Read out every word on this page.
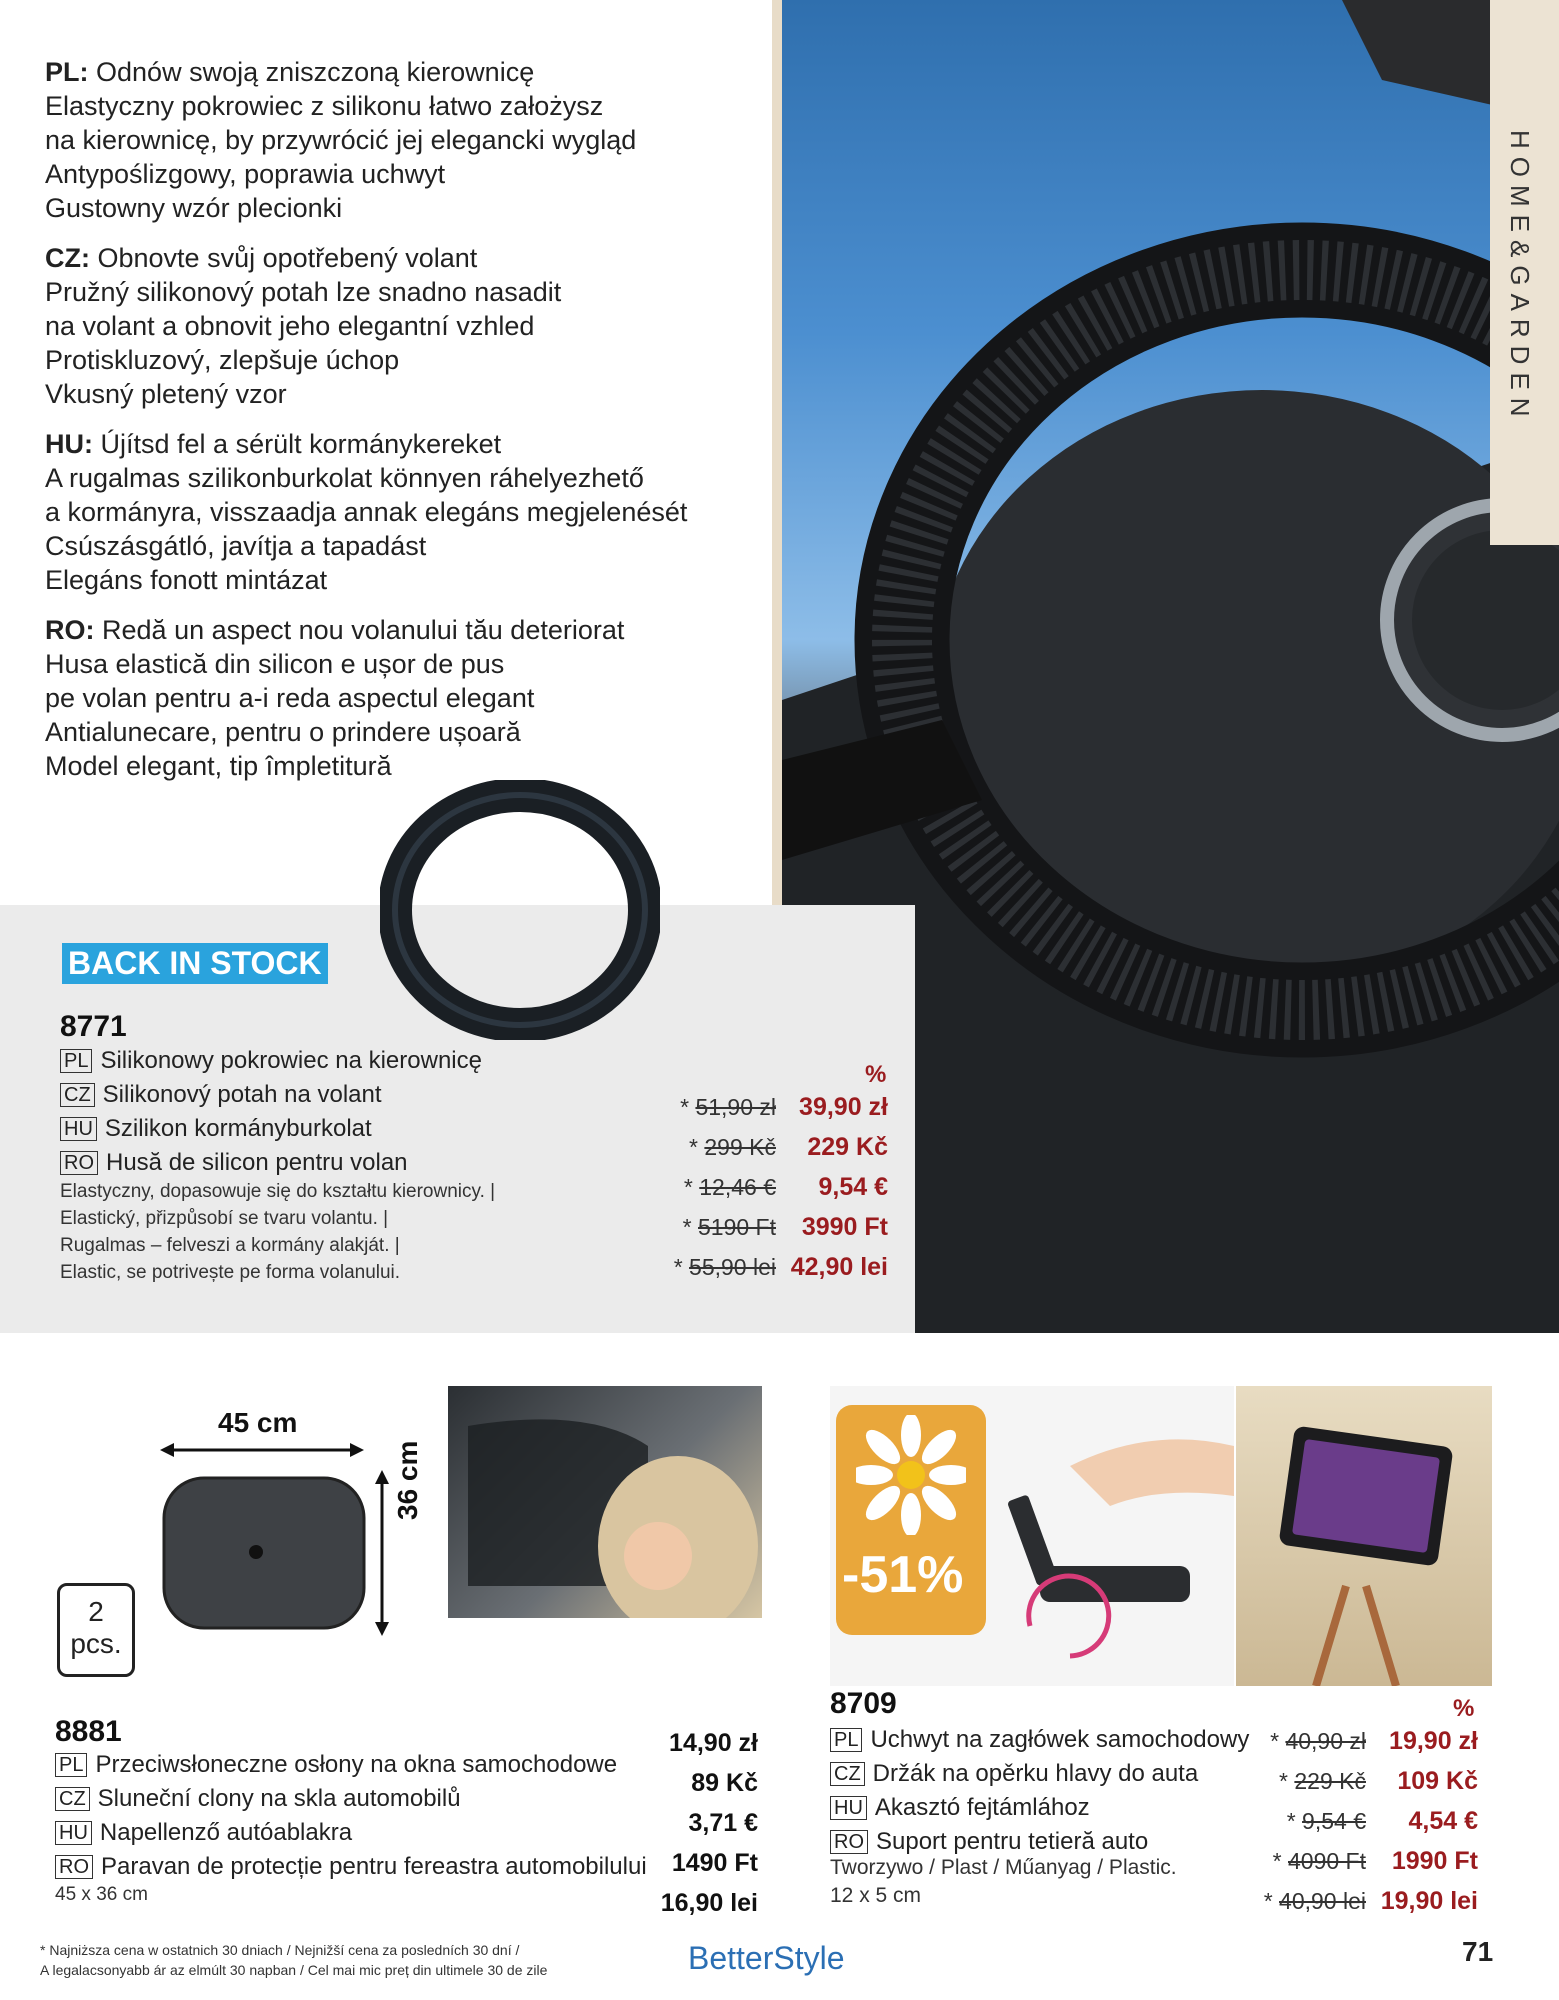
PL: Odnów swoją zniszczoną kierownicę
Elastyczny pokrowiec z silikonu łatwo założysz
na kierownicę, by przywrócić jej elegancki wygląd
Antypoślizgowy, poprawia uchwyt
Gustowny wzór plecionki
CZ: Obnovte svůj opotřebený volant
Pružný silikonový potah lze snadno nasadit
na volant a obnovit jeho elegantní vzhled
Protiskluzový, zlepšuje úchop
Vkusný pletený vzor
HU: Újítsd fel a sérült kormánykereket
A rugalmas szilikonburkolat könnyen ráhelyezhető
a kormányra, visszaadja annak elegáns megjelenését
Csúszásgátló, javítja a tapadást
Elegáns fonott mintázat
RO: Redă un aspect nou volanului tău deteriorat
Husa elastică din silicon e ușor de pus
pe volan pentru a-i reda aspectul elegant
Antialunecare, pentru o prindere ușoară
Model elegant, tip împletitură
HOME&GARDEN
BACK IN STOCK
8771
PL Silikonowy pokrowiec na kierownicę
CZ Silikonový potah na volant
HU Szilikon kormányburkolat
RO Husă de silicon pentru volan
Elastyczny, dopasowuje się do kształtu kierownicy. |
Elastický, přizpůsobí se tvaru volantu. |
Rugalmas – felveszi a kormány alakját. |
Elastic, se potrivește pe forma volanului.
%
* 51,90 zł
* 299 Kč
* 12,46 €
* 5190 Ft
* 55,90 lei
39,90 zł
229 Kč
9,54 €
3990 Ft
42,90 lei
45 cm
36 cm
2
pcs.
8881
PL Przeciwsłoneczne osłony na okna samochodowe
CZ Sluneční clony na skla automobilů
HU Napellenző autóablakra
RO Paravan de protecție pentru fereastra automobilului
45 x 36 cm
14,90 zł
89 Kč
3,71 €
1490 Ft
16,90 lei
-51%
8709
PL Uchwyt na zagłówek samochodowy
CZ Držák na opěrku hlavy do auta
HU Akasztó fejtámlához
RO Suport pentru tetieră auto
Tworzywo / Plast / Műanyag / Plastic.
12 x 5 cm
%
* 40,90 zł
* 229 Kč
* 9,54 €
* 4090 Ft
* 40,90 lei
19,90 zł
109 Kč
4,54 €
1990 Ft
19,90 lei
* Najniższa cena w ostatnich 30 dniach / Nejnižší cena za posledních 30 dní /
A legalacsonyabb ár az elmúlt 30 napban / Cel mai mic preț din ultimele 30 de zile	BetterStyle	71
